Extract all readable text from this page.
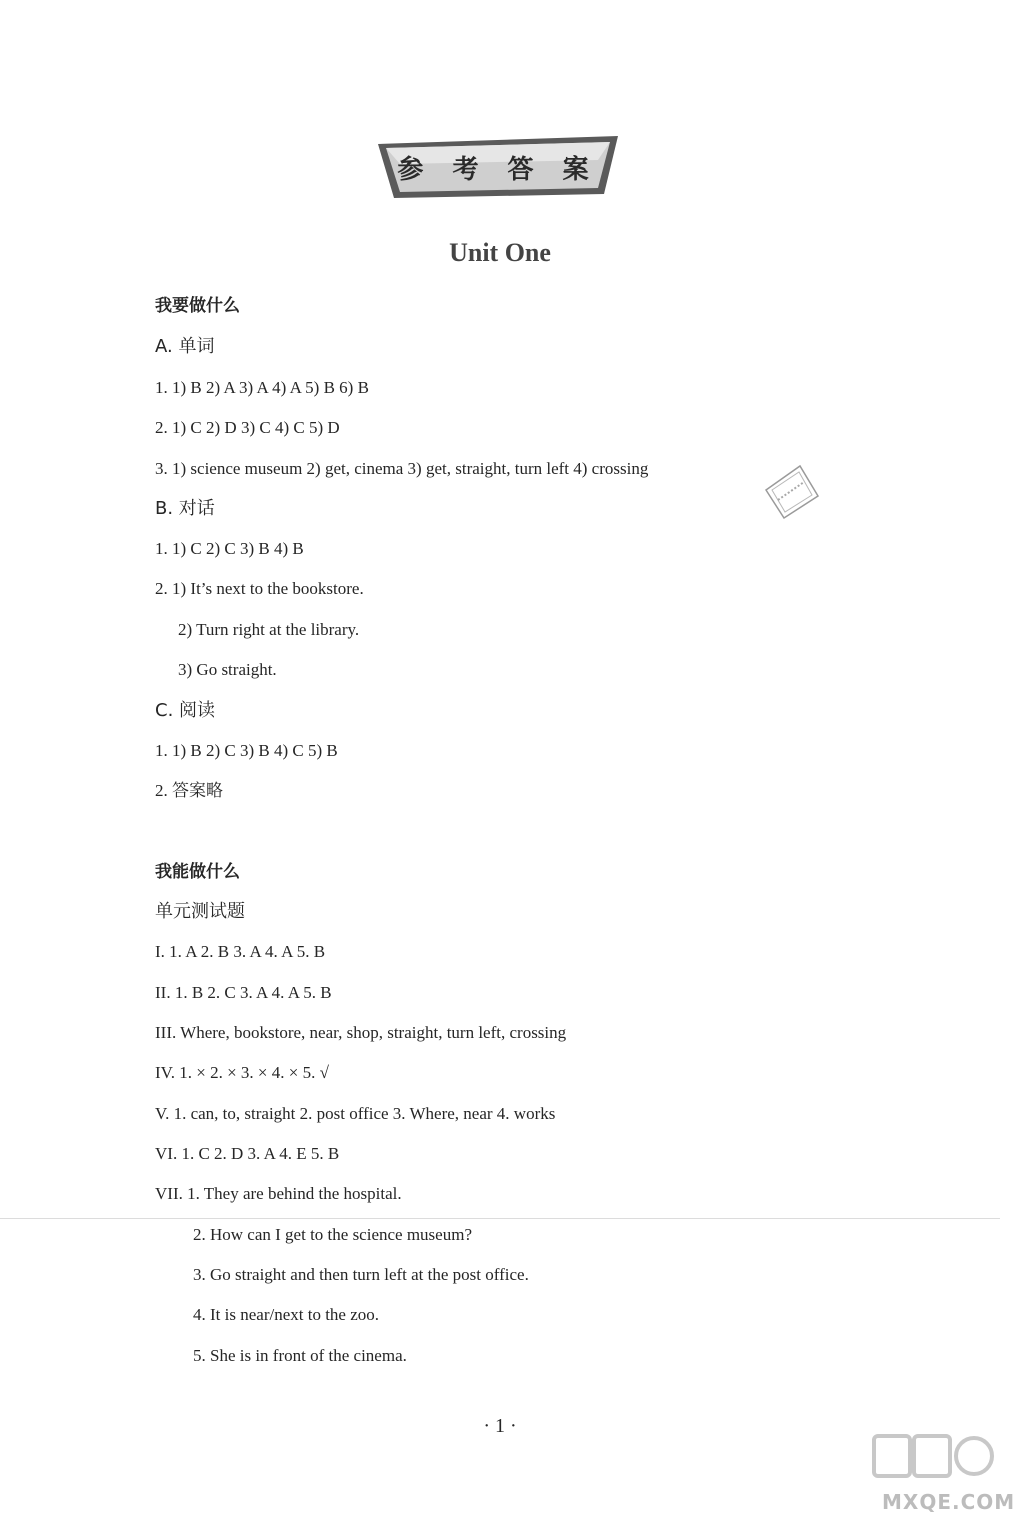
参 考 答 案
Unit One
我要做什么
A. 单词
1. 1) B 2) A 3) A 4) A 5) B 6) B
2. 1) C 2) D 3) C 4) C 5) D
3. 1) science museum 2) get, cinema 3) get, straight, turn left 4) crossing
B. 对话
1. 1) C 2) C 3) B 4) B
2. 1) It’s next to the bookstore.
2) Turn right at the library.
3) Go straight.
C. 阅读
1. 1) B 2) C 3) B 4) C 5) B
2. 答案略
我能做什么
单元测试题
I. 1. A 2. B 3. A 4. A 5. B
II. 1. B 2. C 3. A 4. A 5. B
III. Where, bookstore, near, shop, straight, turn left, crossing
IV. 1. × 2. × 3. × 4. × 5. √
V. 1. can, to, straight 2. post office 3. Where, near 4. works
VI. 1. C 2. D 3. A 4. E 5. B
VII. 1. They are behind the hospital.
2. How can I get to the science museum?
3. Go straight and then turn left at the post office.
4. It is near/next to the zoo.
5. She is in front of the cinema.
· 1 ·
MXQE.COM
